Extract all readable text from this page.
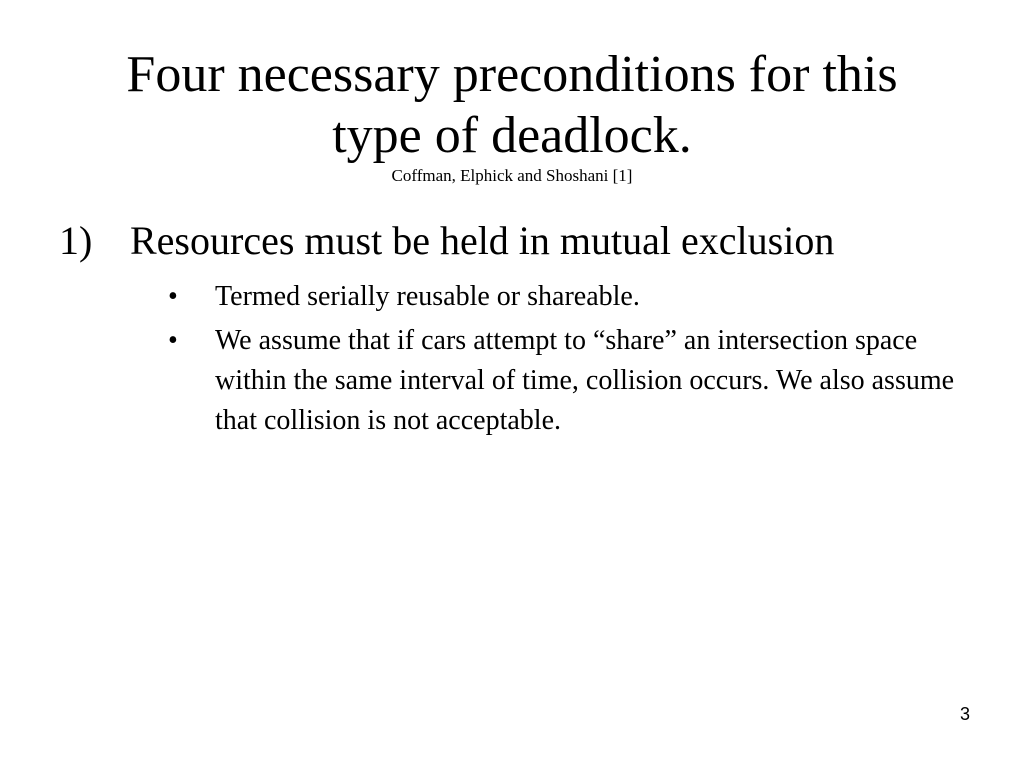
Four necessary preconditions for this
type of deadlock.
Coffman, Elphick and Shoshani [1]
1) Resources must be held in mutual exclusion
• Termed serially reusable or shareable.
• We assume that if cars attempt to “share” an intersection space within the same interval of time, collision occurs. We also assume that collision is not acceptable.
3
